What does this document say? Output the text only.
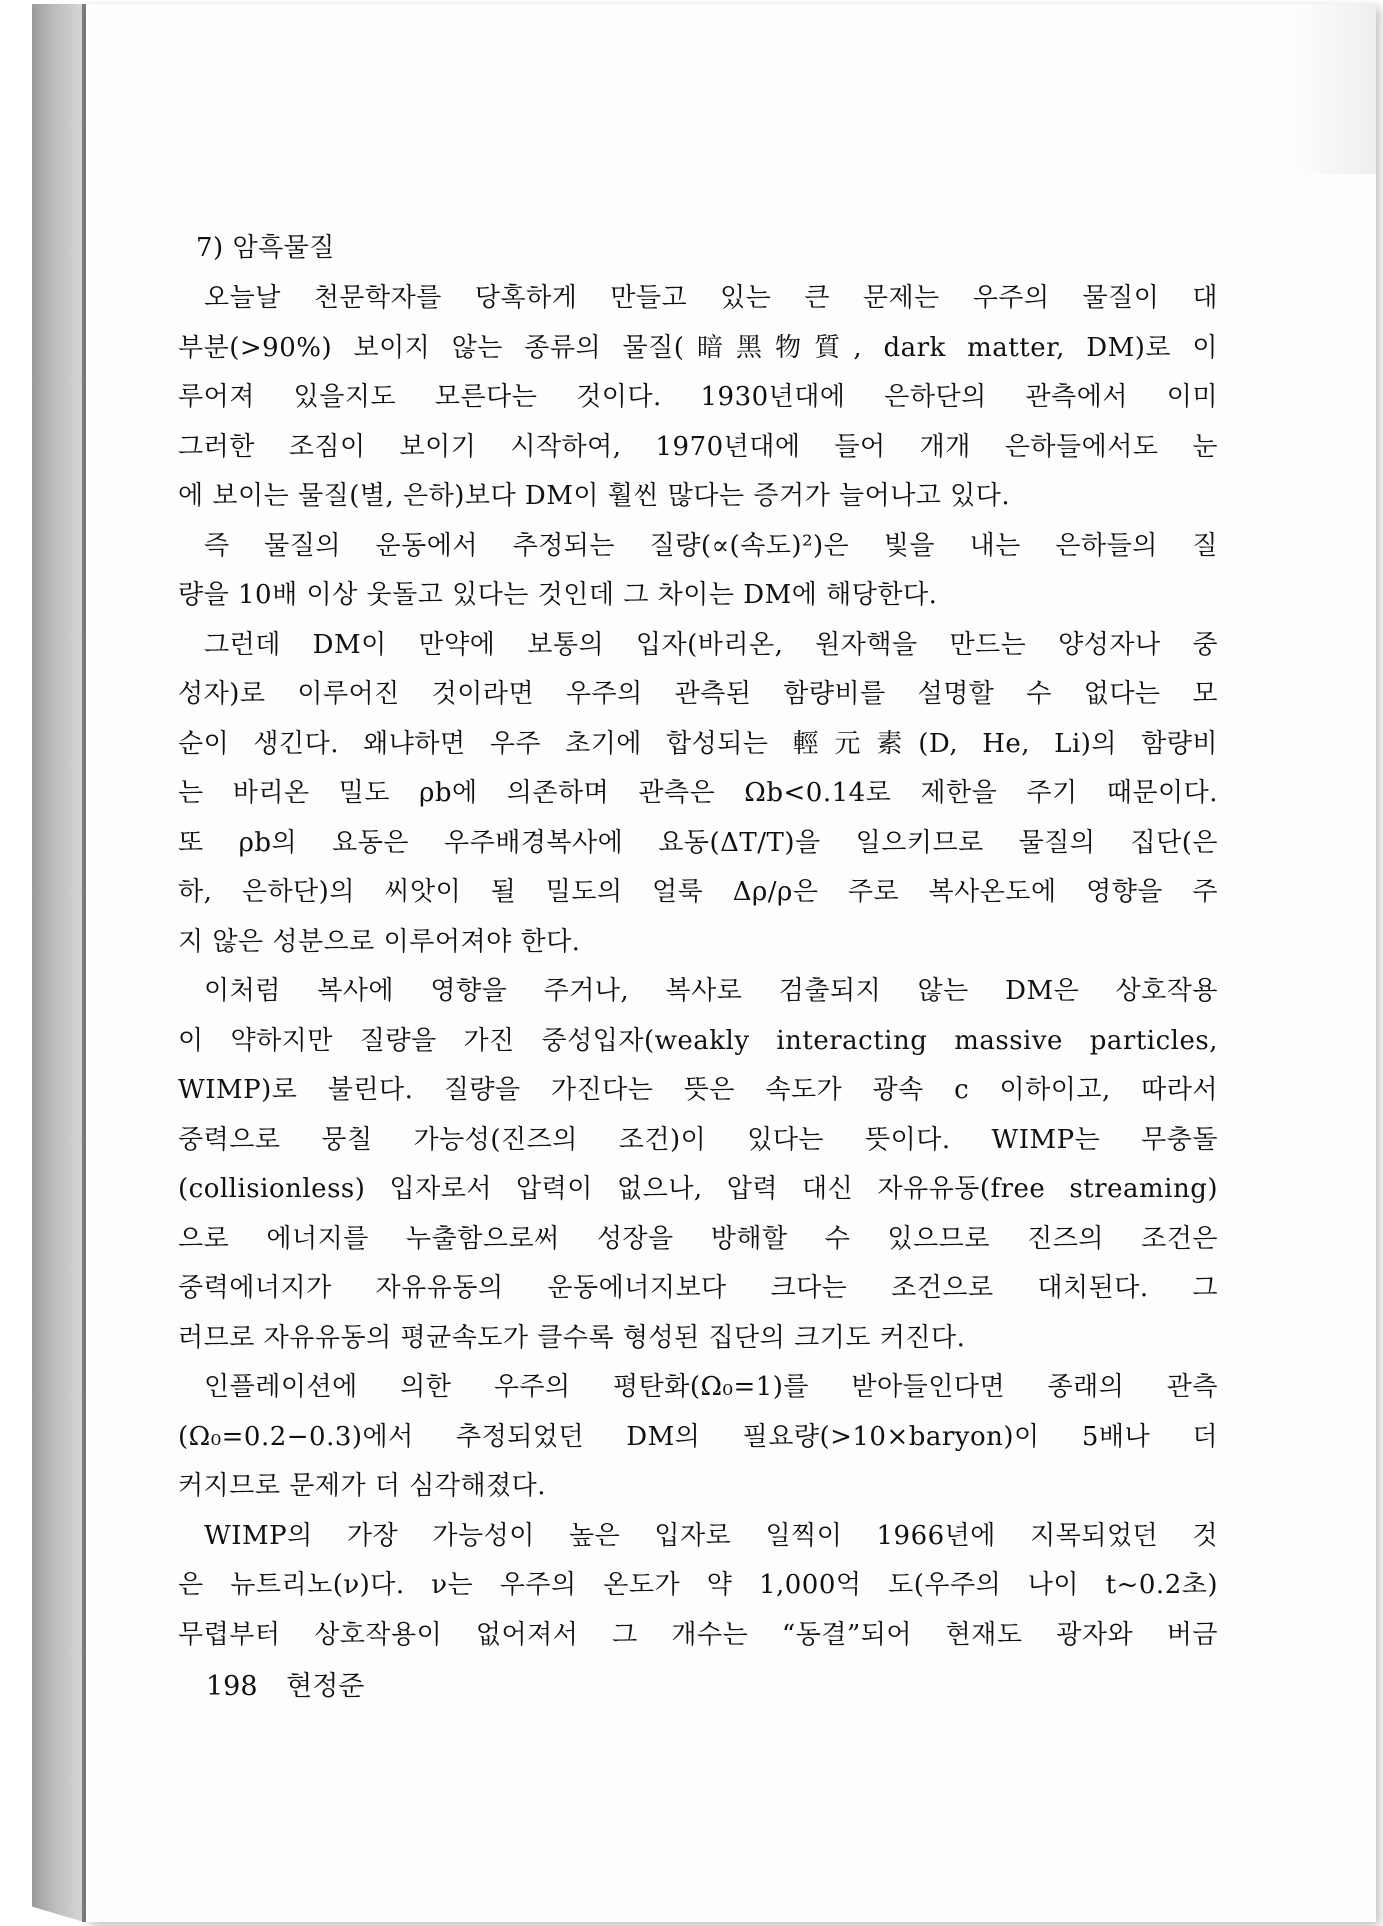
7) 암흑물질
오늘날 천문학자를 당혹하게 만들고 있는 큰 문제는 우주의 물질이 대
부분(>90%) 보이지 않는 종류의 물질(暗黑物質, dark matter, DM)로 이
루어져 있을지도 모른다는 것이다. 1930년대에 은하단의 관측에서 이미
그러한 조짐이 보이기 시작하여, 1970년대에 들어 개개 은하들에서도 눈
에 보이는 물질(별, 은하)보다 DM이 훨씬 많다는 증거가 늘어나고 있다.
즉 물질의 운동에서 추정되는 질량(∝(속도)²)은 빛을 내는 은하들의 질
량을 10배 이상 웃돌고 있다는 것인데 그 차이는 DM에 해당한다.
그런데 DM이 만약에 보통의 입자(바리온, 원자핵을 만드는 양성자나 중
성자)로 이루어진 것이라면 우주의 관측된 함량비를 설명할 수 없다는 모
순이 생긴다. 왜냐하면 우주 초기에 합성되는 輕元素(D, He, Li)의 함량비
는 바리온 밀도 ρb에 의존하며 관측은 Ωb<0.14로 제한을 주기 때문이다.
또 ρb의 요동은 우주배경복사에 요동(ΔT/T)을 일으키므로 물질의 집단(은
하, 은하단)의 씨앗이 될 밀도의 얼룩 Δρ/ρ은 주로 복사온도에 영향을 주
지 않은 성분으로 이루어져야 한다.
이처럼 복사에 영향을 주거나, 복사로 검출되지 않는 DM은 상호작용
이 약하지만 질량을 가진 중성입자(weakly interacting massive particles,
WIMP)로 불린다. 질량을 가진다는 뜻은 속도가 광속 c 이하이고, 따라서
중력으로 뭉칠 가능성(진즈의 조건)이 있다는 뜻이다. WIMP는 무충돌
(collisionless) 입자로서 압력이 없으나, 압력 대신 자유유동(free streaming)
으로 에너지를 누출함으로써 성장을 방해할 수 있으므로 진즈의 조건은
중력에너지가 자유유동의 운동에너지보다 크다는 조건으로 대치된다. 그
러므로 자유유동의 평균속도가 클수록 형성된 집단의 크기도 커진다.
인플레이션에 의한 우주의 평탄화(Ω₀=1)를 받아들인다면 종래의 관측
(Ω₀=0.2−0.3)에서 추정되었던 DM의 필요량(>10×baryon)이 5배나 더
커지므로 문제가 더 심각해졌다.
WIMP의 가장 가능성이 높은 입자로 일찍이 1966년에 지목되었던 것
은 뉴트리노(ν)다. ν는 우주의 온도가 약 1,000억 도(우주의 나이 t~0.2초)
무렵부터 상호작용이 없어져서 그 개수는 “동결”되어 현재도 광자와 버금
198 현정준
